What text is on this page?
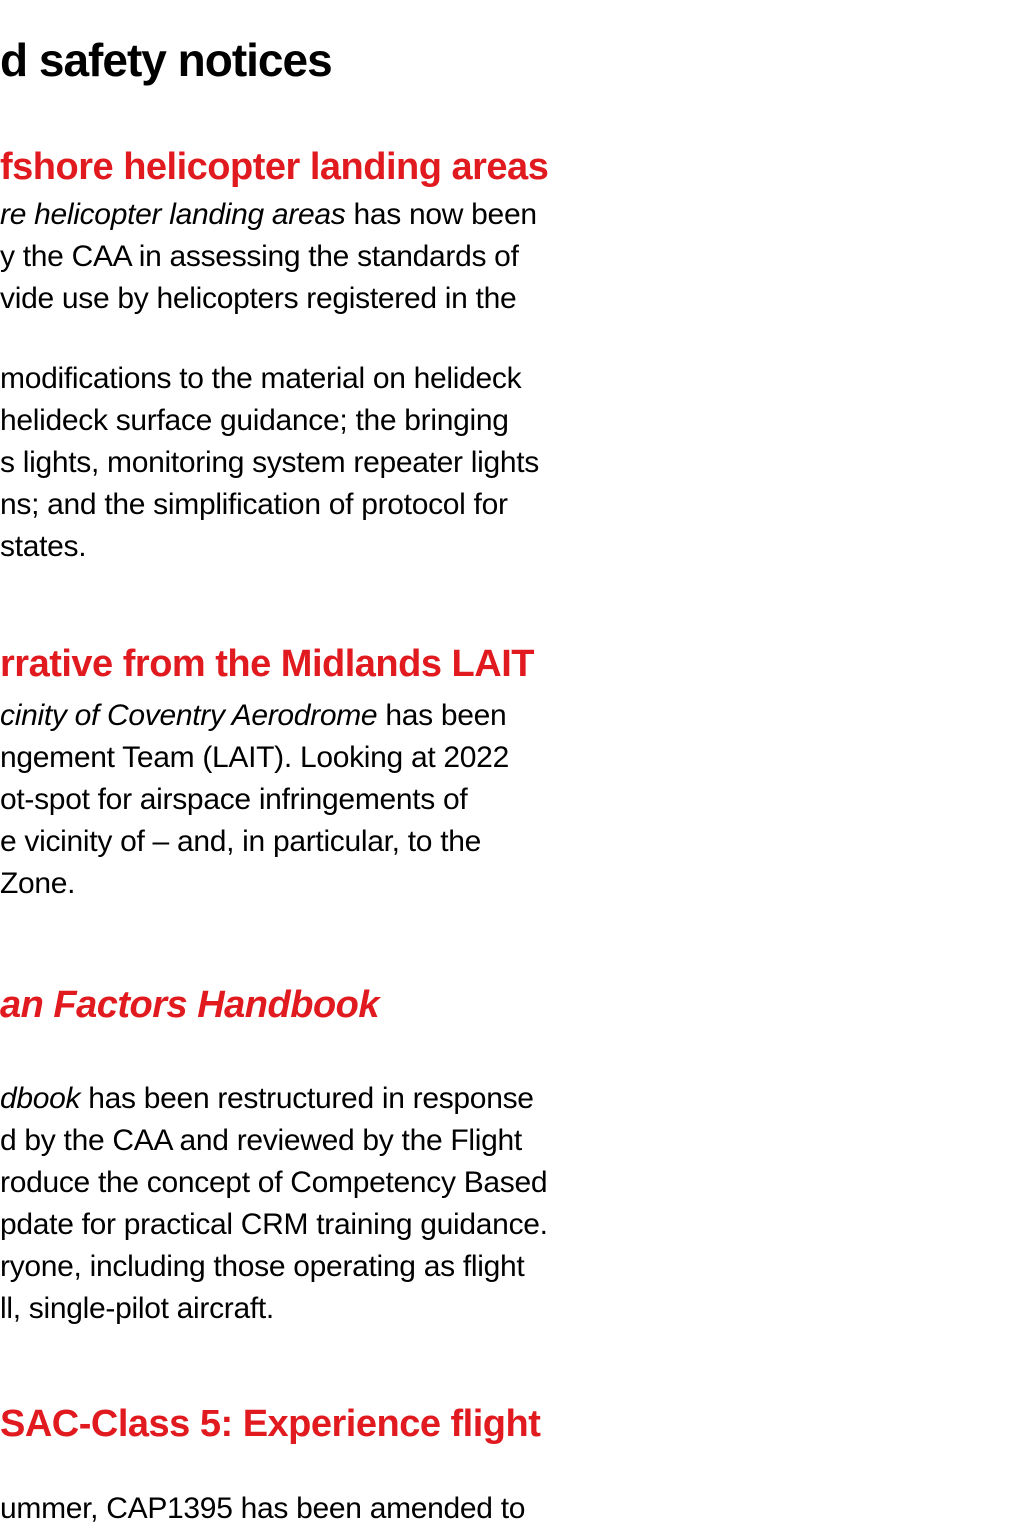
d safety notices
fshore helicopter landing areas
re helicopter landing areas has now been
y the CAA in assessing the standards of
vide use by helicopters registered in the
modifications to the material on helideck
helideck surface guidance; the bringing
s lights, monitoring system repeater lights
ns; and the simplification of protocol for
states.
rrative from the Midlands LAIT
cinity of Coventry Aerodrome has been
ngement Team (LAIT). Looking at 2022
ot-spot for airspace infringements of
e vicinity of – and, in particular, to the
Zone.
an Factors Handbook
dbook has been restructured in response
d by the CAA and reviewed by the Flight
roduce the concept of Competency Based
pdate for practical CRM training guidance.
ryone, including those operating as flight
ll, single-pilot aircraft.
SAC-Class 5: Experience flight
ummer, CAP1395 has been amended to
